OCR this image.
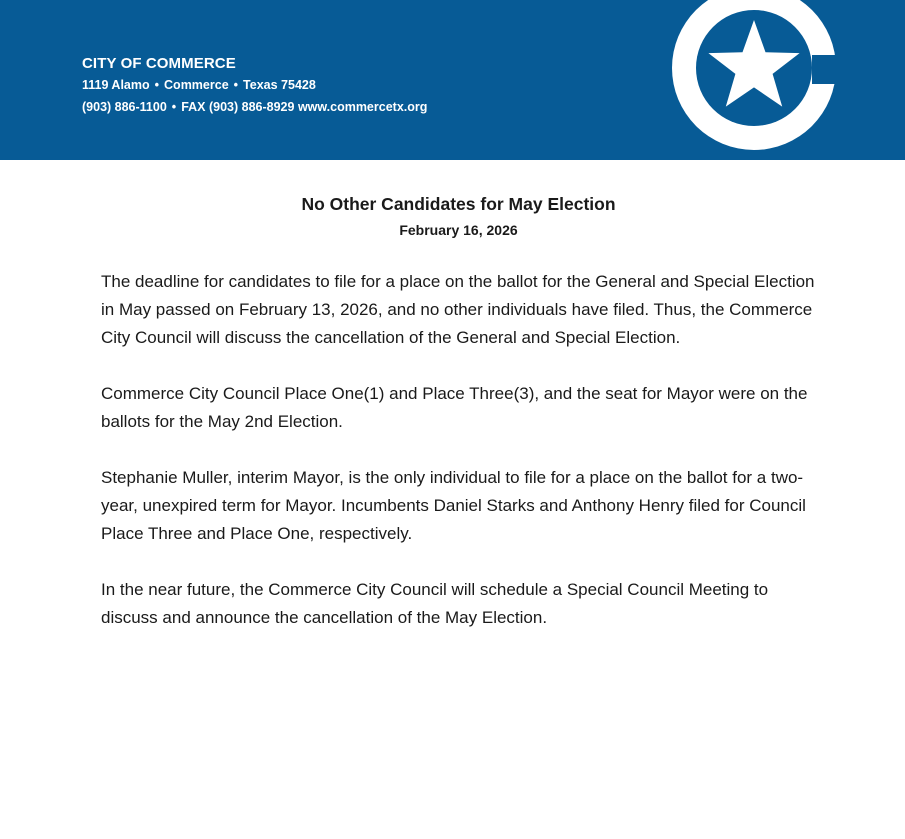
CITY OF COMMERCE
1119 Alamo • Commerce • Texas 75428
(903) 886-1100 • FAX (903) 886-8929 www.commercetx.org
No Other Candidates for May Election
February 16, 2026

The deadline for candidates to file for a place on the ballot for the General and Special Election in May passed on February 13, 2026, and no other individuals have filed. Thus, the Commerce City Council will discuss the cancellation of the General and Special Election.

Commerce City Council Place One(1) and Place Three(3), and the seat for Mayor were on the ballots for the May 2nd Election.

Stephanie Muller, interim Mayor, is the only individual to file for a place on the ballot for a two-year, unexpired term for Mayor. Incumbents Daniel Starks and Anthony Henry filed for Council Place Three and Place One, respectively.

In the near future, the Commerce City Council will schedule a Special Council Meeting to discuss and announce the cancellation of the May Election.
